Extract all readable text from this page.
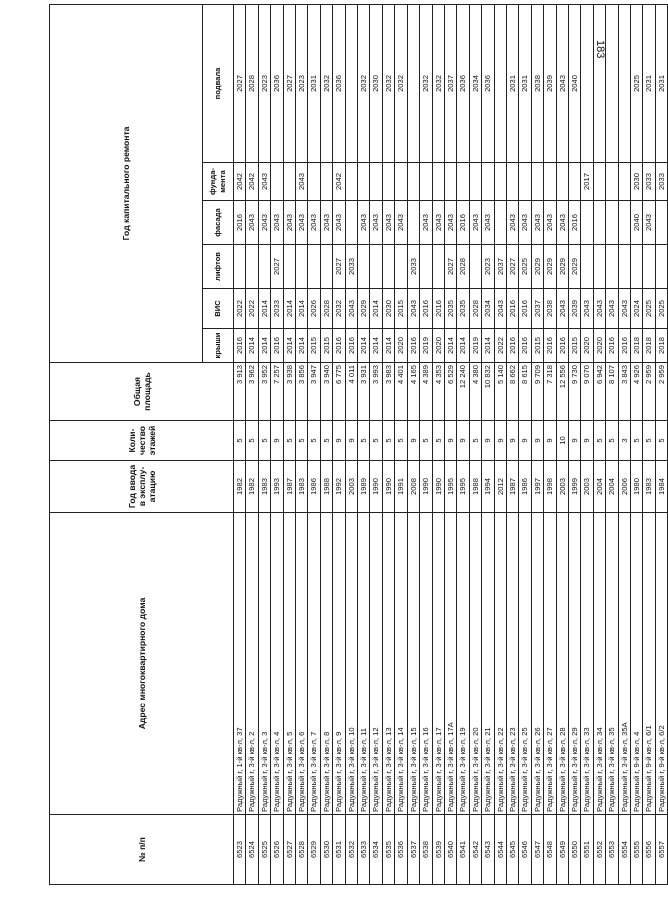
183
№ п/п	Адрес многоквартирного дома	Год ввода в эксплу-атацию	Коли-чество этажей	Общая площадь	Год капитального ремонта					
					крыши	ВИС	лифтов	фасада	фунда-мента	подвала
6523	Радужный г, 1-й кв-л, 37	1982	5	3 913	2016	2022		2016	2042	2027
6524	Радужный г, 3-й кв-л, 2	1982	5	3 962	2014	2022		2043	2042	2028
6525	Радужный г, 3-й кв-л, 3	1983	5	3 952	2014	2014		2043	2043	2023
6526	Радужный г, 3-й кв-л, 4	1993	9	7 257	2016	2033	2027	2043		2036
6527	Радужный г, 3-й кв-л, 5	1987	5	3 938	2014	2014		2043		2027
6528	Радужный г, 3-й кв-л, 6	1983	5	3 856	2014	2014		2043	2043	2023
6529	Радужный г, 3-й кв-л, 7	1986	5	3 947	2015	2026		2043		2031
6530	Радужный г, 3-й кв-л, 8	1988	5	3 940	2015	2028		2043		2032
6531	Радужный г, 3-й кв-л, 9	1992	9	6 775	2016	2032	2027	2043	2042	2036
6532	Радужный г, 3-й кв-л, 10	2003	9	4 011	2016	2043	2033			
6533	Радужный г, 3-й кв-л, 11	1989	5	3 931	2014	2029		2043		2032
6534	Радужный г, 3-й кв-л, 12	1990	5	3 993	2014	2014		2043		2030
6535	Радужный г, 3-й кв-л, 13	1990	5	3 983	2014	2030		2043		2032
6536	Радужный г, 3-й кв-л, 14	1991	5	4 401	2020	2015		2043		2032
6537	Радужный г, 3-й кв-л, 15	2008	9	4 165	2016	2043	2033			
6538	Радужный г, 3-й кв-л, 16	1990	5	4 389	2019	2016		2043		2032
6539	Радужный г, 3-й кв-л, 17	1990	5	4 353	2020	2016		2043		2032
6540	Радужный г, 3-й кв-л, 17А	1995	9	6 529	2014	2035	2027	2043		2037
6541	Радужный г, 3-й кв-л, 19	1995	9	12 240	2014	2035	2028	2016		2036
6542	Радужный г, 3-й кв-л, 20	1988	5	4 380	2019	2028		2043		2034
6543	Радужный г, 3-й кв-л, 21	1994	9	10 832	2014	2034	2023	2043		2036
6544	Радужный г, 3-й кв-л, 22	2012	9	5 140	2022	2043	2037			
6545	Радужный г, 3-й кв-л, 23	1987	9	8 662	2016	2016	2027	2043		2031
6546	Радужный г, 3-й кв-л, 25	1986	9	8 615	2016	2016	2025	2043		2031
6547	Радужный г, 3-й кв-л, 26	1997	9	9 709	2015	2037	2029	2043		2038
6548	Радужный г, 3-й кв-л, 27	1998	9	7 318	2016	2038	2029	2043		2039
6549	Радужный г, 3-й кв-л, 28	2003	10	12 556	2016	2043	2029	2043		2043
6550	Радужный г, 3-й кв-л, 29	1999	9	9 730	2015	2039	2029	2016		2040
6551	Радужный г, 3-й кв-л, 33	2003	9	9 070	2020	2043			2017	
6552	Радужный г, 3-й кв-л, 34	2004	5	6 942	2020	2043				
6553	Радужный г, 3-й кв-л, 35	2004	5	8 107	2016	2043				
6554	Радужный г, 3-й кв-л, 35А	2006	3	3 843	2016	2043				
6555	Радужный г, 9-й кв-л, 4	1980	5	4 926	2018	2024		2040	2030	2025
6556	Радужный г, 9-й кв-л, 6/1	1983	5	2 959	2018	2025		2043	2033	2031
6557	Радужный г, 9-й кв-л, 6/2	1984	5	2 959	2018	2025			2033	2031
